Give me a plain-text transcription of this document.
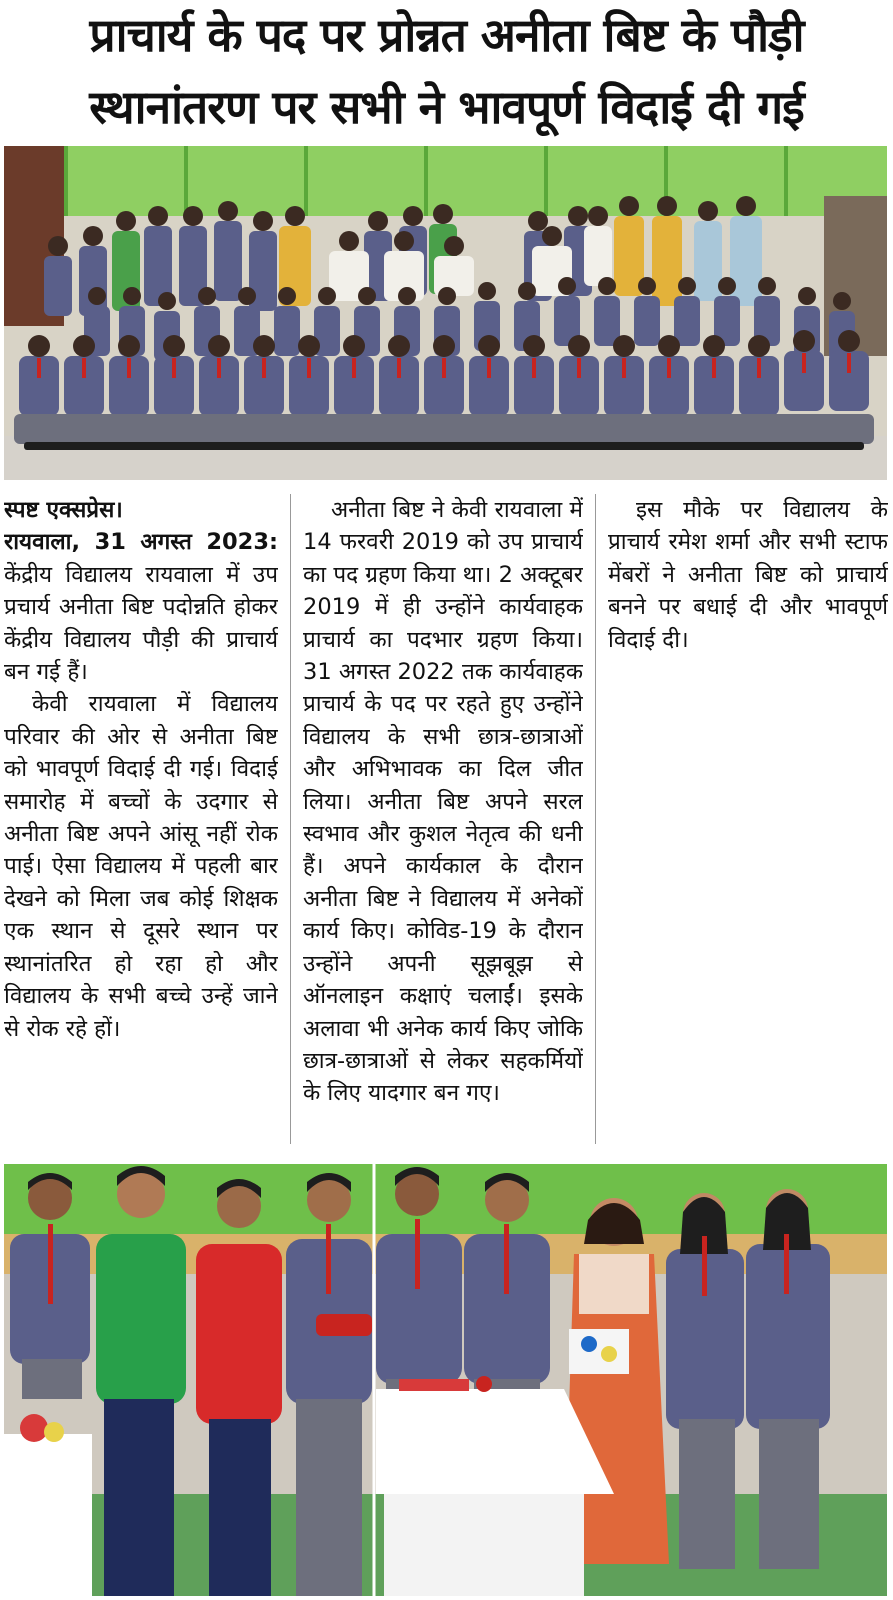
प्राचार्य के पद पर प्रोन्नत अनीता बिष्ट के पौड़ी
स्थानांतरण पर सभी ने भावपूर्ण विदाई दी गई

स्पष्ट एक्सप्रेस।
रायवाला, 31 अगस्त 2023: केंद्रीय विद्यालय रायवाला में उप प्रचार्य अनीता बिष्ट पदोन्नति होकर केंद्रीय विद्यालय पौड़ी की प्राचार्य बन गई हैं।

केवी रायवाला में विद्यालय परिवार की ओर से अनीता बिष्ट को भावपूर्ण विदाई दी गई। विदाई समारोह में बच्चों के उदगार से अनीता बिष्ट अपने आंसू नहीं रोक पाई। ऐसा विद्यालय में पहली बार देखने को मिला जब कोई शिक्षक एक स्थान से दूसरे स्थान पर स्थानांतरित हो रहा हो और विद्यालय के सभी बच्चे उन्हें जाने से रोक रहे हों।

अनीता बिष्ट ने केवी रायवाला में 14 फरवरी 2019 को उप प्राचार्य का पद ग्रहण किया था। 2 अक्टूबर 2019 में ही उन्होंने कार्यवाहक प्राचार्य का पदभार ग्रहण किया। 31 अगस्त 2022 तक कार्यवाहक प्राचार्य के पद पर रहते हुए उन्होंने विद्यालय के सभी छात्र-छात्राओं और अभिभावक का दिल जीत लिया। अनीता बिष्ट अपने सरल स्वभाव और कुशल नेतृत्व की धनी हैं। अपने कार्यकाल के दौरान अनीता बिष्ट ने विद्यालय में अनेकों कार्य किए। कोविड-19 के दौरान उन्होंने अपनी सूझबूझ से ऑनलाइन कक्षाएं चलाईं। इसके अलावा भी अनेक कार्य किए जोकि छात्र-छात्राओं से लेकर सहकर्मियों के लिए यादगार बन गए।

इस मौके पर विद्यालय के प्राचार्य रमेश शर्मा और सभी स्टाफ मेंबरों ने अनीता बिष्ट को प्राचार्य बनने पर बधाई दी और भावपूर्ण विदाई दी।
